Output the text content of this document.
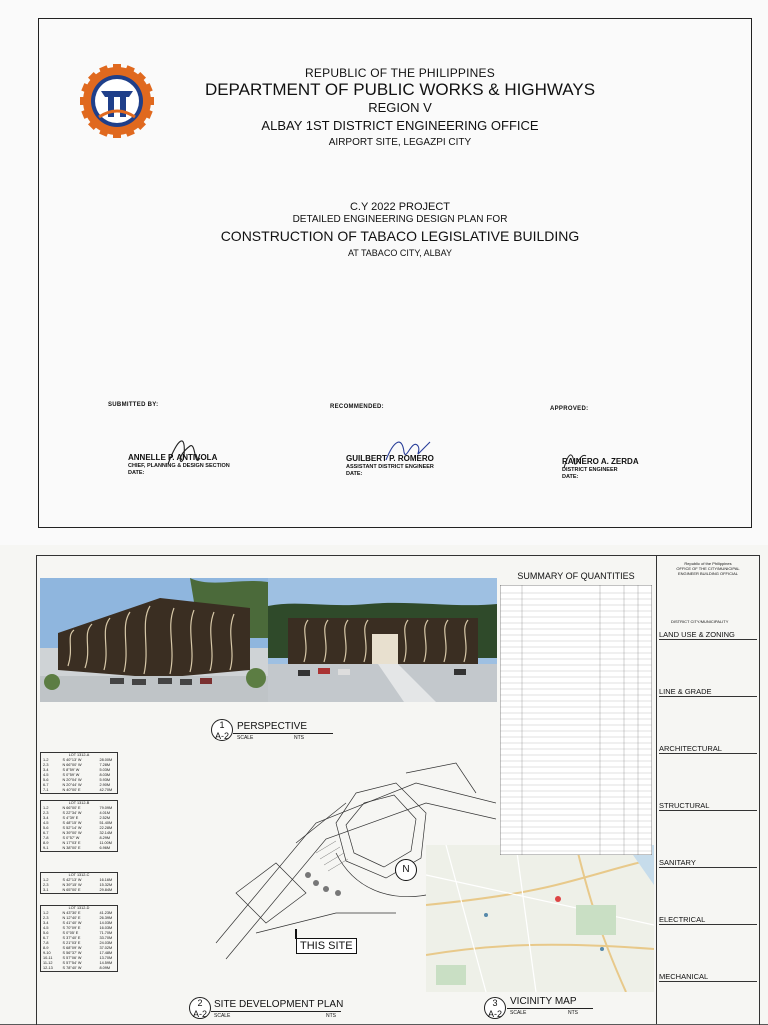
REPUBLIC OF THE PHILIPPINES
DEPARTMENT OF PUBLIC WORKS & HIGHWAYS
REGION V
ALBAY 1ST DISTRICT ENGINEERING OFFICE
AIRPORT SITE, LEGAZPI CITY
C.Y 2022 PROJECT
DETAILED ENGINEERING DESIGN PLAN FOR
CONSTRUCTION OF TABACO LEGISLATIVE BUILDING
AT TABACO CITY, ALBAY
SUBMITTED BY:	RECOMMENDED:	APPROVED:
ANNELLE P. ANTIVOLA
CHIEF, PLANNING & DESIGN SECTION
DATE:
GUILBERT P. ROMERO
ASSISTANT DISTRICT ENGINEER
DATE:
RAINERO A. ZERDA
DISTRICT ENGINEER
DATE:
1
A-2
PERSPECTIVE
SCALE	NTS
LOT 1312-A
1-2	S 40°13' W	28.00M
2-3	N 66°00' W	7.28M
3-4	S 8°59' W	5.03M
4-5	S 0°59' W	8.03M
5-6	N 20°04' W	5.93M
6-7	N 20°44' W	2.90M
7-1	N 40°00' E	42.70M
LOT 1312-B
1-2	N 66°00' E	79.09M
2-3	S 22°34' W	4.01M
3-4	S 4°39' E	2.52M
4-5	S 48°15' W	51.40M
5-6	S 52°14' W	22.28M
6-7	N 39°00' W	32.14M
7-8	S 0°57' W	8.29M
8-9	N 17°03' E	11.00M
9-1	N 38°00' E	6.96M
LOT 1312-C
1-2	S 42°13' W	16.16M
2-3	N 39°15' W	15.32M
3-1	N 65°00' E	29.84M
LOT 1312-D
1-2	N 43°30' E	41.23M
2-3	N 12°40' E	26.39M
3-4	S 41°40' W	14.03M
4-5	S 70°09' E	16.03M
5-6	S 0°05' E	71.70M
6-7	S 37°40' E	33.70M
7-8	S 21°03' E	24.03M
8-9	S 68°09' W	37.02M
9-10	S 56°37' W	17.48M
10-11	S 57°06' W	13.70M
11-12	S 57°54' W	14.59M
12-13	S 78°40' W	8.09M
THIS SITE
N
2
A-2
SITE DEVELOPMENT PLAN
SCALE	NTS
3
A-2
VICINITY MAP
SCALE	NTS
SUMMARY OF QUANTITIES
Republic of the Philippines
OFFICE OF THE CITY/MUNICIPAL
ENGINEER BUILDING OFFICIAL
DISTRICT CITY/MUNICIPALITY
LAND USE & ZONING
LINE & GRADE
ARCHITECTURAL
STRUCTURAL
SANITARY
ELECTRICAL
MECHANICAL
